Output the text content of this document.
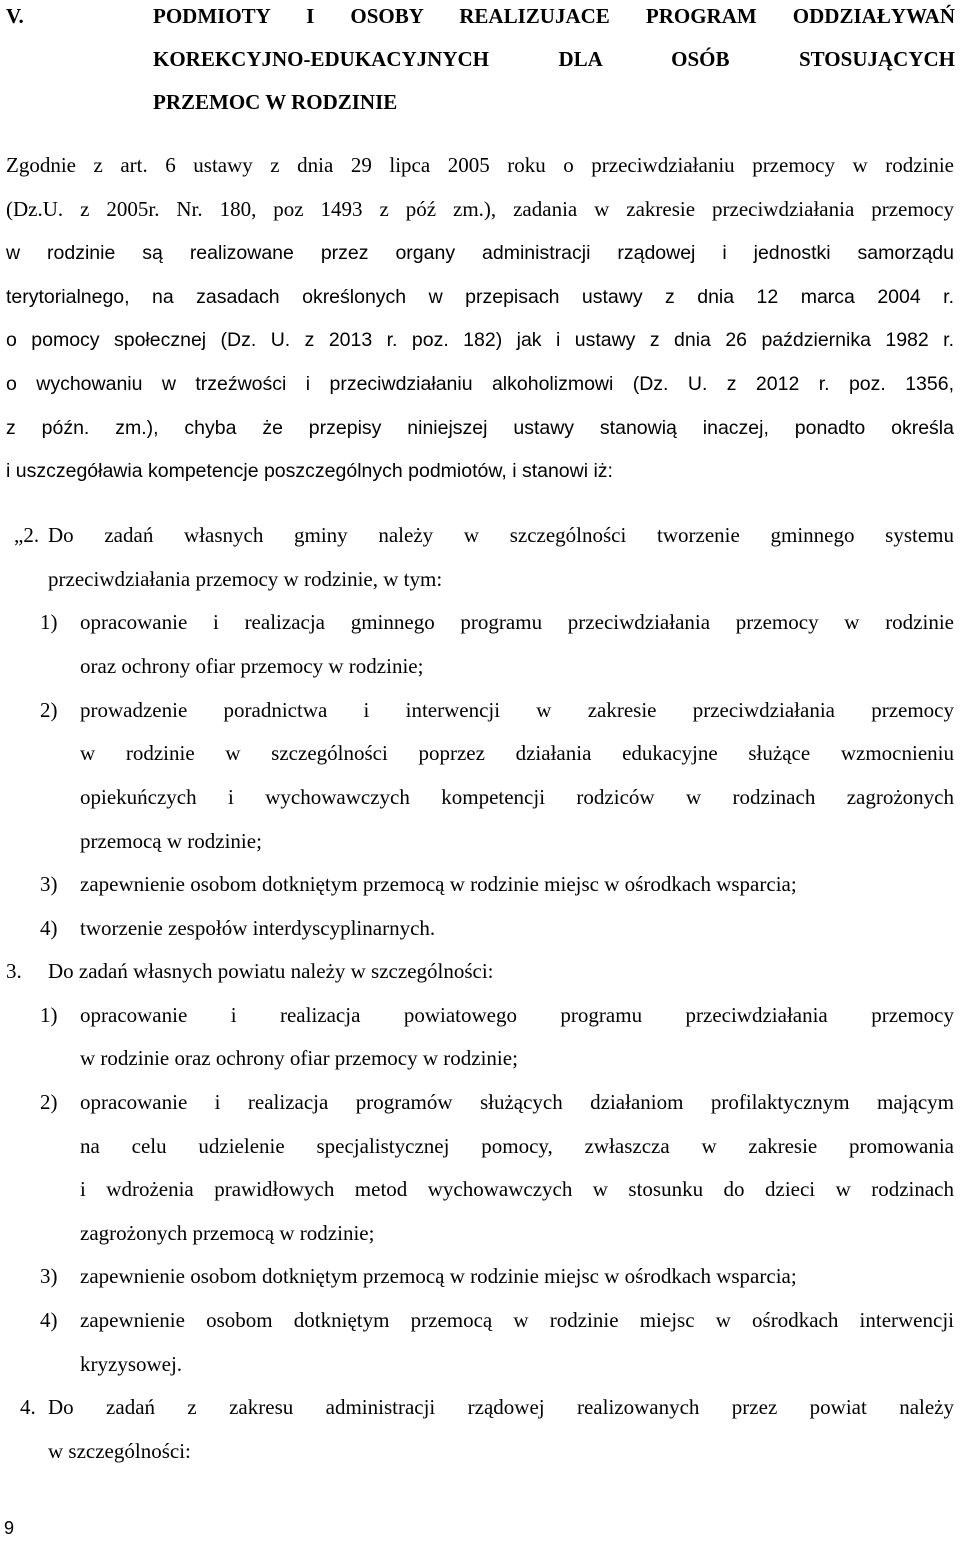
V.	PODMIOTY I OSOBY REALIZUJACE PROGRAM ODDZIAŁYWAŃ
KOREKCYJNO-EDUKACYJNYCH DLA OSÓB STOSUJĄCYCH
PRZEMOC W RODZINIE
Zgodnie z art. 6 ustawy z dnia 29 lipca 2005 roku o przeciwdziałaniu przemocy w rodzinie
(Dz.U. z 2005r. Nr. 180, poz 1493 z póź zm.), zadania w zakresie przeciwdziałania przemocy
w rodzinie są realizowane przez organy administracji rządowej i jednostki samorządu
terytorialnego, na zasadach określonych w przepisach ustawy z dnia 12 marca 2004 r.
o pomocy społecznej (Dz. U. z 2013 r. poz. 182) jak i ustawy z dnia 26 października 1982 r.
o wychowaniu w trzeźwości i przeciwdziałaniu alkoholizmowi (Dz. U. z 2012 r. poz. 1356,
z późn. zm.), chyba że przepisy niniejszej ustawy stanowią inaczej, ponadto określa
i uszczegóławia kompetencje poszczególnych podmiotów, i stanowi iż:
„2. Do zadań własnych gminy należy w szczególności tworzenie gminnego systemu
przeciwdziałania przemocy w rodzinie, w tym:
1) opracowanie i realizacja gminnego programu przeciwdziałania przemocy w rodzinie
oraz ochrony ofiar przemocy w rodzinie;
2) prowadzenie poradnictwa i interwencji w zakresie przeciwdziałania przemocy
w rodzinie w szczególności poprzez działania edukacyjne służące wzmocnieniu
opiekuńczych i wychowawczych kompetencji rodziców w rodzinach zagrożonych
przemocą w rodzinie;
3) zapewnienie osobom dotkniętym przemocą w rodzinie miejsc w ośrodkach wsparcia;
4) tworzenie zespołów interdyscyplinarnych.
3. Do zadań własnych powiatu należy w szczególności:
1) opracowanie i realizacja powiatowego programu przeciwdziałania przemocy
w rodzinie oraz ochrony ofiar przemocy w rodzinie;
2) opracowanie i realizacja programów służących działaniom profilaktycznym mającym
na celu udzielenie specjalistycznej pomocy, zwłaszcza w zakresie promowania
i wdrożenia prawidłowych metod wychowawczych w stosunku do dzieci w rodzinach
zagrożonych przemocą w rodzinie;
3) zapewnienie osobom dotkniętym przemocą w rodzinie miejsc w ośrodkach wsparcia;
4) zapewnienie osobom dotkniętym przemocą w rodzinie miejsc w ośrodkach interwencji
kryzysowej.
4. Do zadań z zakresu administracji rządowej realizowanych przez powiat należy
w szczególności:
9
